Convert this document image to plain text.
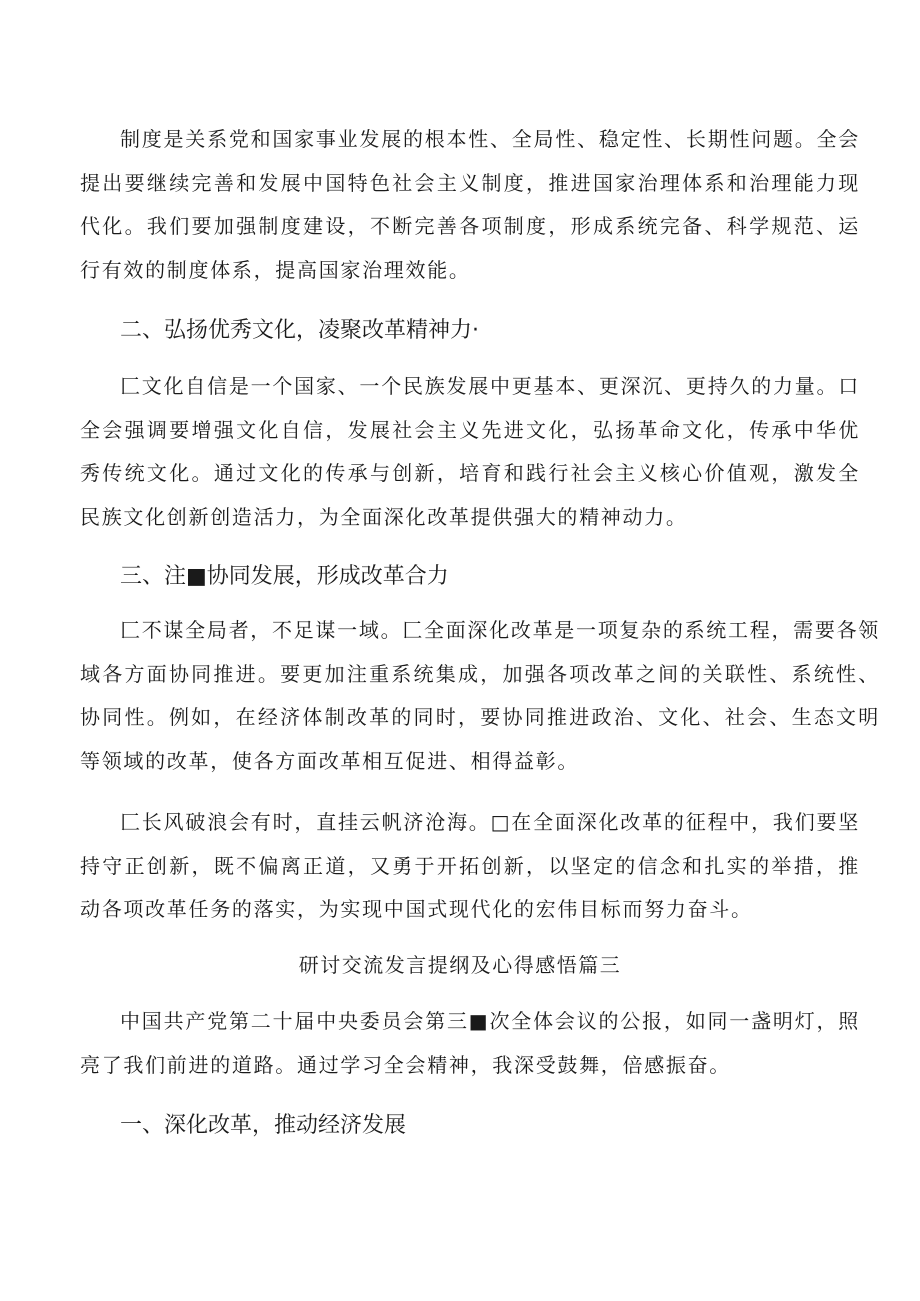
制度是关系党和国家事业发展的根本性、全局性、稳定性、长期性问题。全会提出要继续完善和发展中国特色社会主义制度，推进国家治理体系和治理能力现代化。我们要加强制度建设，不断完善各项制度，形成系统完备、科学规范、运行有效的制度体系，提高国家治理效能。

二、弘扬优秀文化，凌聚改革精神力·

匚文化自信是一个国家、一个民族发展中更基本、更深沉、更持久的力量。口全会强调要增强文化自信，发展社会主义先进文化，弘扬革命文化，传承中华优秀传统文化。通过文化的传承与创新，培育和践行社会主义核心价值观，激发全民族文化创新创造活力，为全面深化改革提供强大的精神动力。

三、注■协同发展，形成改革合力

匚不谋全局者，不足谋一域。匚全面深化改革是一项复杂的系统工程，需要各领域各方面协同推进。要更加注重系统集成，加强各项改革之间的关联性、系统性、协同性。例如，在经济体制改革的同时，要协同推进政治、文化、社会、生态文明等领域的改革，使各方面改革相互促进、相得益彰。

匚长风破浪会有时，直挂云帆济沧海。□在全面深化改革的征程中，我们要坚持守正创新，既不偏离正道，又勇于开拓创新，以坚定的信念和扎实的举措，推动各项改革任务的落实，为实现中国式现代化的宏伟目标而努力奋斗。

研讨交流发言提纲及心得感悟篇三

中国共产党第二十届中央委员会第三■次全体会议的公报，如同一盏明灯，照亮了我们前进的道路。通过学习全会精神，我深受鼓舞，倍感振奋。

一、深化改革，推动经济发展
